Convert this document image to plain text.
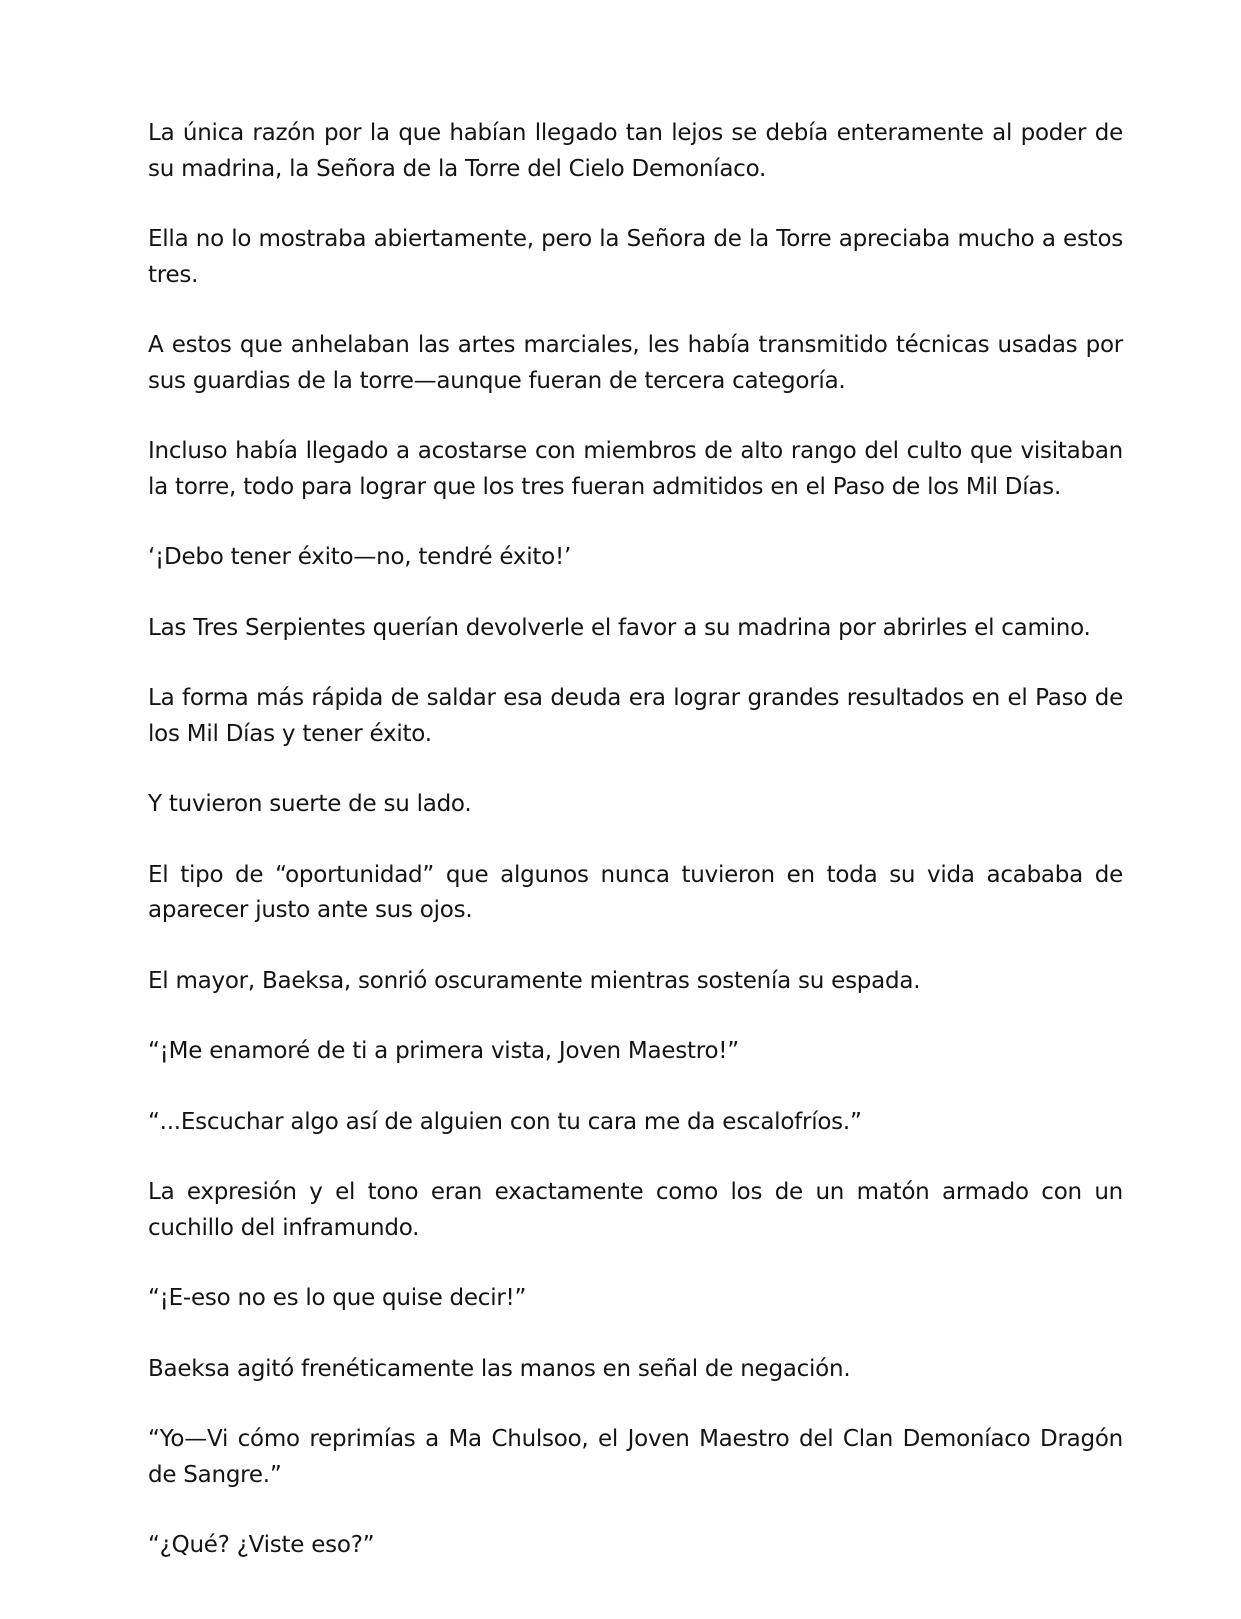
La única razón por la que habían llegado tan lejos se debía enteramente al poder de su madrina, la Señora de la Torre del Cielo Demoníaco.

Ella no lo mostraba abiertamente, pero la Señora de la Torre apreciaba mucho a estos tres.

A estos que anhelaban las artes marciales, les había transmitido técnicas usadas por sus guardias de la torre—aunque fueran de tercera categoría.

Incluso había llegado a acostarse con miembros de alto rango del culto que visitaban la torre, todo para lograr que los tres fueran admitidos en el Paso de los Mil Días.

‘¡Debo tener éxito—no, tendré éxito!’

Las Tres Serpientes querían devolverle el favor a su madrina por abrirles el camino.

La forma más rápida de saldar esa deuda era lograr grandes resultados en el Paso de los Mil Días y tener éxito.

Y tuvieron suerte de su lado.

El tipo de “oportunidad” que algunos nunca tuvieron en toda su vida acababa de aparecer justo ante sus ojos.

El mayor, Baeksa, sonrió oscuramente mientras sostenía su espada.

“¡Me enamoré de ti a primera vista, Joven Maestro!”

“...Escuchar algo así de alguien con tu cara me da escalofríos.”

La expresión y el tono eran exactamente como los de un matón armado con un cuchillo del inframundo.

“¡E-eso no es lo que quise decir!”

Baeksa agitó frenéticamente las manos en señal de negación.

“Yo—Vi cómo reprimías a Ma Chulsoo, el Joven Maestro del Clan Demoníaco Dragón de Sangre.”

“¿Qué? ¿Viste eso?”
